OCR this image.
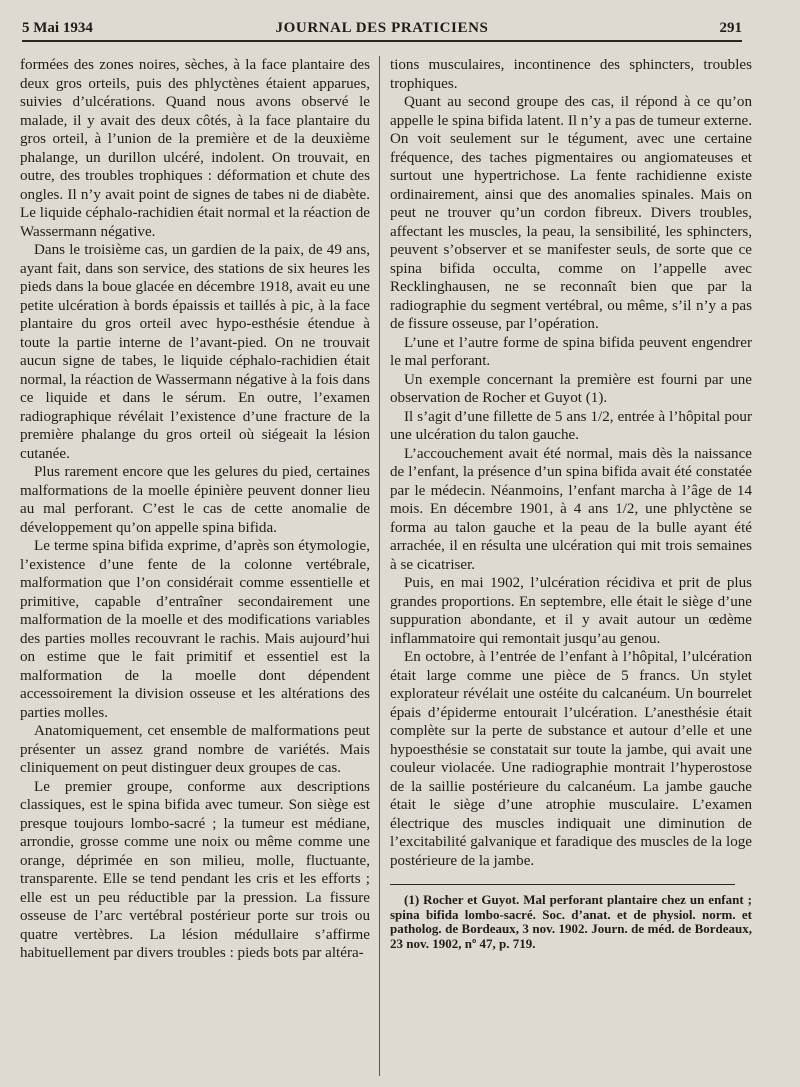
5 Mai 1934	JOURNAL DES PRATICIENS	291

formées des zones noires, sèches, à la face plantaire des deux gros orteils, puis des phlyctènes étaient apparues, suivies d’ulcérations. Quand nous avons observé le malade, il y avait des deux côtés, à la face plantaire du gros orteil, à l’union de la première et de la deuxième phalange, un durillon ulcéré, indolent. On trouvait, en outre, des troubles trophiques : déformation et chute des ongles. Il n’y avait point de signes de tabes ni de diabète. Le liquide céphalo-rachidien était normal et la réaction de Wassermann négative.

Dans le troisième cas, un gardien de la paix, de 49 ans, ayant fait, dans son service, des stations de six heures les pieds dans la boue glacée en décembre 1918, avait eu une petite ulcération à bords épaissis et taillés à pic, à la face plantaire du gros orteil avec hypo-esthésie étendue à toute la partie interne de l’avant-pied. On ne trouvait aucun signe de tabes, le liquide céphalo-rachidien était normal, la réaction de Wassermann négative à la fois dans ce liquide et dans le sérum. En outre, l’examen radiographique révélait l’existence d’une fracture de la première phalange du gros orteil où siégeait la lésion cutanée.

Plus rarement encore que les gelures du pied, certaines malformations de la moelle épinière peuvent donner lieu au mal perforant. C’est le cas de cette anomalie de développement qu’on appelle spina bifida.

Le terme spina bifida exprime, d’après son étymologie, l’existence d’une fente de la colonne vertébrale, malformation que l’on considérait comme essentielle et primitive, capable d’entraîner secondairement une malformation de la moelle et des modifications variables des parties molles recouvrant le rachis. Mais aujourd’hui on estime que le fait primitif et essentiel est la malformation de la moelle dont dépendent accessoirement la division osseuse et les altérations des parties molles.

Anatomiquement, cet ensemble de malformations peut présenter un assez grand nombre de variétés. Mais cliniquement on peut distinguer deux groupes de cas.

Le premier groupe, conforme aux descriptions classiques, est le spina bifida avec tumeur. Son siège est presque toujours lombo-sacré ; la tumeur est médiane, arrondie, grosse comme une noix ou même comme une orange, déprimée en son milieu, molle, fluctuante, transparente. Elle se tend pendant les cris et les efforts ; elle est un peu réductible par la pression. La fissure osseuse de l’arc vertébral postérieur porte sur trois ou quatre vertèbres. La lésion médullaire s’affirme habituellement par divers troubles : pieds bots par altéra-

tions musculaires, incontinence des sphincters, troubles trophiques.

Quant au second groupe des cas, il répond à ce qu’on appelle le spina bifida latent. Il n’y a pas de tumeur externe. On voit seulement sur le tégument, avec une certaine fréquence, des taches pigmentaires ou angiomateuses et surtout une hypertrichose. La fente rachidienne existe ordinairement, ainsi que des anomalies spinales. Mais on peut ne trouver qu’un cordon fibreux. Divers troubles, affectant les muscles, la peau, la sensibilité, les sphincters, peuvent s’observer et se manifester seuls, de sorte que ce spina bifida occulta, comme on l’appelle avec Recklinghausen, ne se reconnaît bien que par la radiographie du segment vertébral, ou même, s’il n’y a pas de fissure osseuse, par l’opération.

L’une et l’autre forme de spina bifida peuvent engendrer le mal perforant.

Un exemple concernant la première est fourni par une observation de Rocher et Guyot (1).

Il s’agit d’une fillette de 5 ans 1/2, entrée à l’hôpital pour une ulcération du talon gauche.

L’accouchement avait été normal, mais dès la naissance de l’enfant, la présence d’un spina bifida avait été constatée par le médecin. Néanmoins, l’enfant marcha à l’âge de 14 mois. En décembre 1901, à 4 ans 1/2, une phlyctène se forma au talon gauche et la peau de la bulle ayant été arrachée, il en résulta une ulcération qui mit trois semaines à se cicatriser.

Puis, en mai 1902, l’ulcération récidiva et prit de plus grandes proportions. En septembre, elle était le siège d’une suppuration abondante, et il y avait autour un œdème inflammatoire qui remontait jusqu’au genou.

En octobre, à l’entrée de l’enfant à l’hôpital, l’ulcération était large comme une pièce de 5 francs. Un stylet explorateur révélait une ostéite du calcanéum. Un bourrelet épais d’épiderme entourait l’ulcération. L’anesthésie était complète sur la perte de substance et autour d’elle et une hypoesthésie se constatait sur toute la jambe, qui avait une couleur violacée. Une radiographie montrait l’hyperostose de la saillie postérieure du calcanéum. La jambe gauche était le siège d’une atrophie musculaire. L’examen électrique des muscles indiquait une diminution de l’excitabilité galvanique et faradique des muscles de la loge postérieure de la jambe.

(1) Rocher et Guyot. Mal perforant plantaire chez un enfant ; spina bifida lombo-sacré. Soc. d’anat. et de physiol. norm. et patholog. de Bordeaux, 3 nov. 1902. Journ. de méd. de Bordeaux, 23 nov. 1902, nº 47, p. 719.
